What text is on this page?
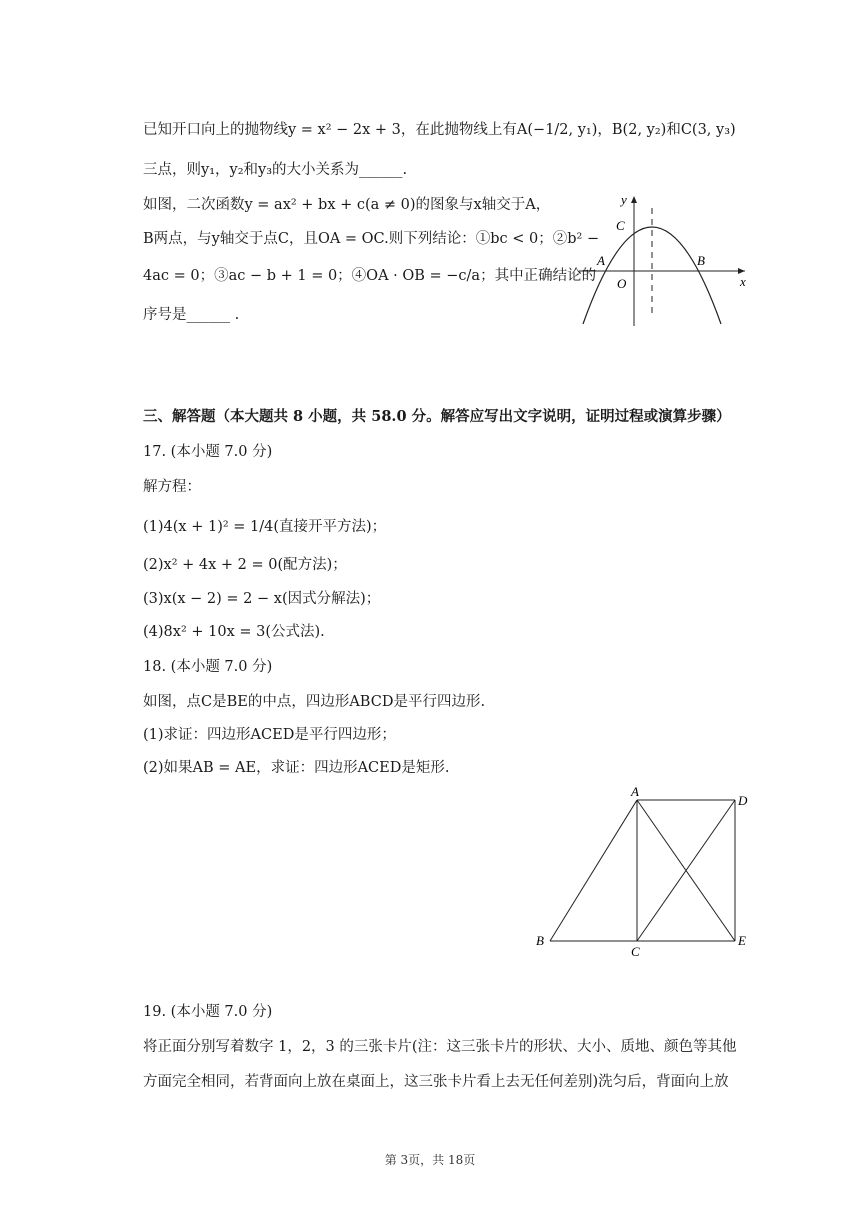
已知开口向上的抛物线y = x² − 2x + 3，在此抛物线上有A(−1/2, y₁)，B(2, y₂)和C(3, y₃)
三点，则y₁，y₂和y₃的大小关系为______.
如图，二次函数y = ax² + bx + c(a ≠ 0)的图象与x轴交于A，
B两点，与y轴交于点C，且OA = OC.则下列结论：①bc < 0；②b² −
4ac = 0；③ac − b + 1 = 0；④OA · OB = −c/a；其中正确结论的
序号是______ .
y
x
A	B
C
O
三、解答题（本大题共 8 小题，共 58.0 分。解答应写出文字说明，证明过程或演算步骤）
17. (本小题 7.0 分)
解方程：
(1)4(x + 1)² = 1/4(直接开平方法)；
(2)x² + 4x + 2 = 0(配方法)；
(3)x(x − 2) = 2 − x(因式分解法)；
(4)8x² + 10x = 3(公式法).
18. (本小题 7.0 分)
如图，点C是BE的中点，四边形ABCD是平行四边形.
(1)求证：四边形ACED是平行四边形；
(2)如果AB = AE，求证：四边形ACED是矩形.
A
D
B
C
E
19. (本小题 7.0 分)
将正面分别写着数字 1，2，3 的三张卡片(注：这三张卡片的形状、大小、质地、颜色等其他
方面完全相同，若背面向上放在桌面上，这三张卡片看上去无任何差别)洗匀后，背面向上放
第 3页，共 18页
